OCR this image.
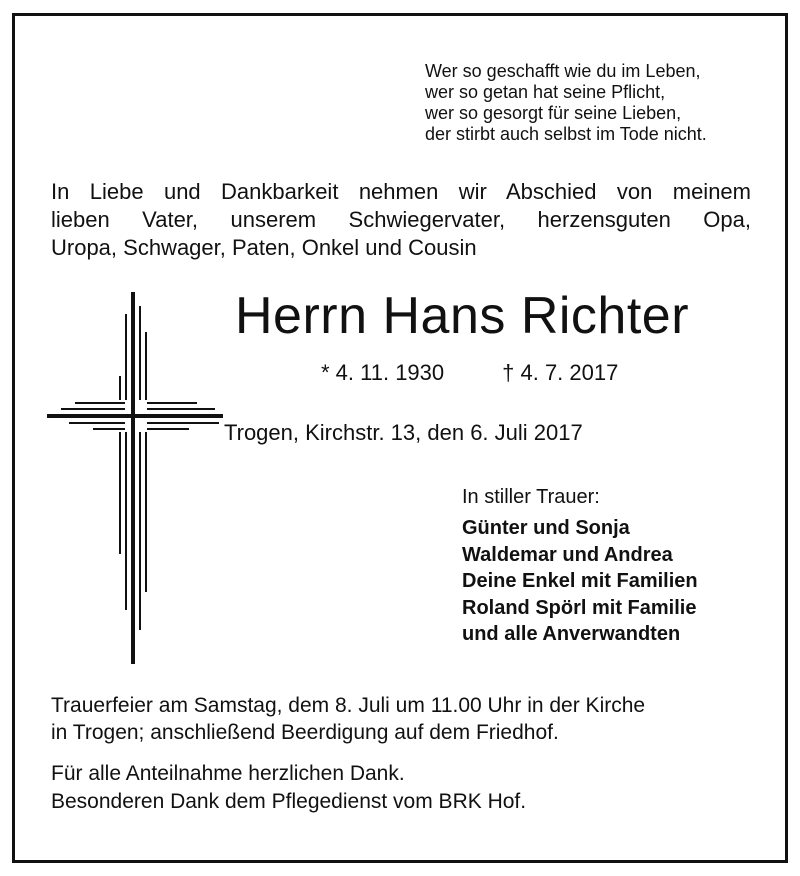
Wer so geschafft wie du im Leben,
wer so getan hat seine Pflicht,
wer so gesorgt für seine Lieben,
der stirbt auch selbst im Tode nicht.
In Liebe und Dankbarkeit nehmen wir Abschied von meinem
lieben Vater, unserem Schwiegervater, herzensguten Opa,
Uropa, Schwager, Paten, Onkel und Cousin
Herrn Hans Richter
* 4. 11. 1930	† 4. 7. 2017
Trogen, Kirchstr. 13, den 6. Juli 2017
In stiller Trauer:
Günter und Sonja
Waldemar und Andrea
Deine Enkel mit Familien
Roland Spörl mit Familie
und alle Anverwandten
Trauerfeier am Samstag, dem 8. Juli um 11.00 Uhr in der Kirche
in Trogen; anschließend Beerdigung auf dem Friedhof.
Für alle Anteilnahme herzlichen Dank.
Besonderen Dank dem Pflegedienst vom BRK Hof.
